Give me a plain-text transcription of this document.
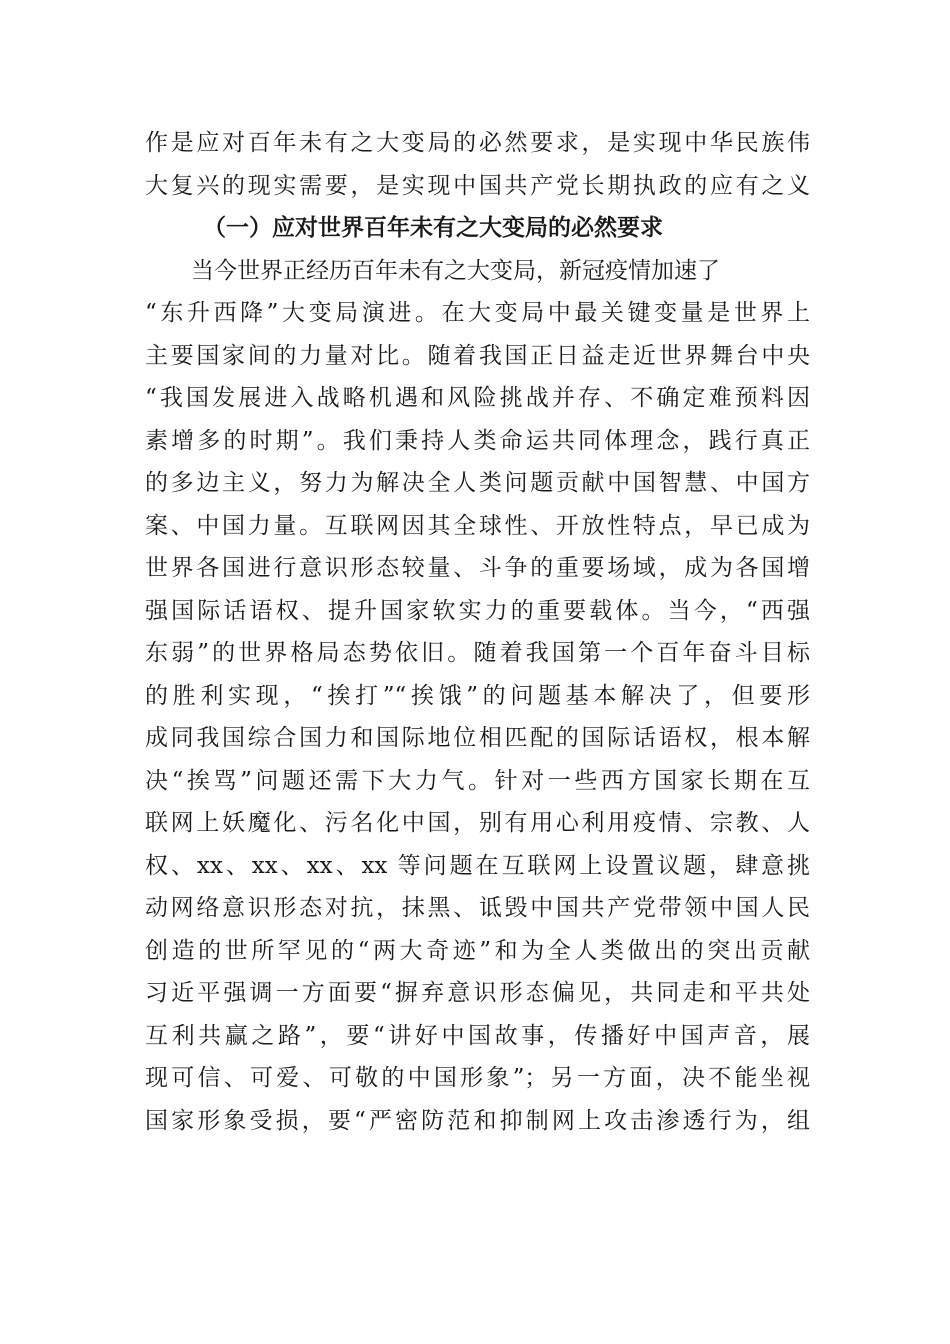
作是应对百年未有之大变局的必然要求，是实现中华民族伟
大复兴的现实需要，是实现中国共产党长期执政的应有之义
（一）应对世界百年未有之大变局的必然要求
　　当今世界正经历百年未有之大变局，新冠疫情加速了
“东升西降”大变局演进。在大变局中最关键变量是世界上
主要国家间的力量对比。随着我国正日益走近世界舞台中央
“我国发展进入战略机遇和风险挑战并存、不确定难预料因
素增多的时期”。我们秉持人类命运共同体理念，践行真正
的多边主义，努力为解决全人类问题贡献中国智慧、中国方
案、中国力量。互联网因其全球性、开放性特点，早已成为
世界各国进行意识形态较量、斗争的重要场域，成为各国增
强国际话语权、提升国家软实力的重要载体。当今，“西强
东弱”的世界格局态势依旧。随着我国第一个百年奋斗目标
的胜利实现，“挨打”“挨饿”的问题基本解决了，但要形
成同我国综合国力和国际地位相匹配的国际话语权，根本解
决“挨骂”问题还需下大力气。针对一些西方国家长期在互
联网上妖魔化、污名化中国，别有用心利用疫情、宗教、人
权、xx、xx、xx、xx 等问题在互联网上设置议题，肆意挑
动网络意识形态对抗，抹黑、诋毁中国共产党带领中国人民
创造的世所罕见的“两大奇迹”和为全人类做出的突出贡献
习近平强调一方面要“摒弃意识形态偏见，共同走和平共处
互利共赢之路”，要“讲好中国故事，传播好中国声音，展
现可信、可爱、可敬的中国形象”；另一方面，决不能坐视
国家形象受损，要“严密防范和抑制网上攻击渗透行为，组
